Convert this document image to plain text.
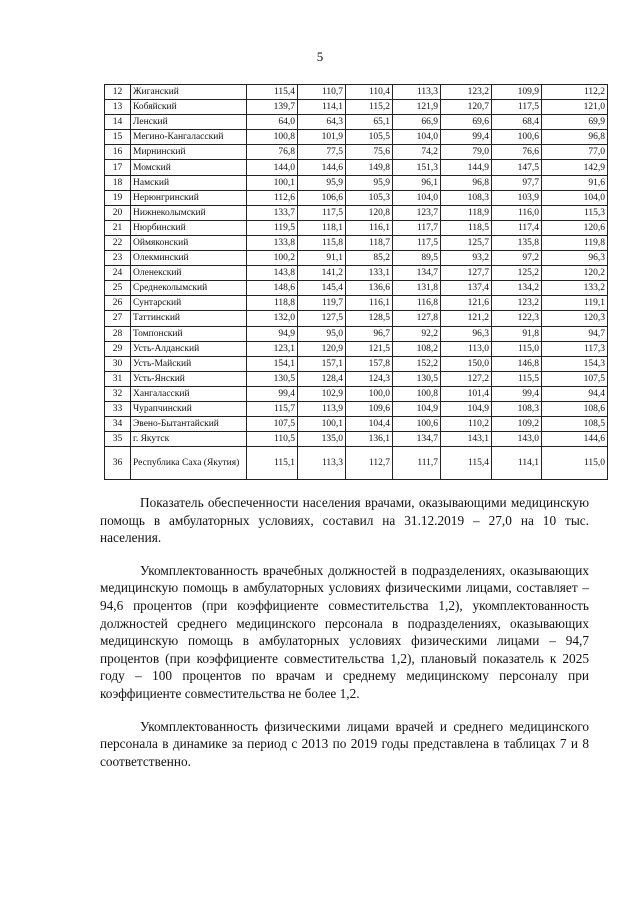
5
12	Жиганский	115,4	110,7	110,4	113,3	123,2	109,9	112,2
13	Кобяйский	139,7	114,1	115,2	121,9	120,7	117,5	121,0
14	Ленский	64,0	64,3	65,1	66,9	69,6	68,4	69,9
15	Мегино-Кангаласский	100,8	101,9	105,5	104,0	99,4	100,6	96,8
16	Мирнинский	76,8	77,5	75,6	74,2	79,0	76,6	77,0
17	Момский	144,0	144,6	149,8	151,3	144,9	147,5	142,9
18	Намский	100,1	95,9	95,9	96,1	96,8	97,7	91,6
19	Нерюнгринский	112,6	106,6	105,3	104,0	108,3	103,9	104,0
20	Нижнеколымский	133,7	117,5	120,8	123,7	118,9	116,0	115,3
21	Нюрбинский	119,5	118,1	116,1	117,7	118,5	117,4	120,6
22	Оймяконский	133,8	115,8	118,7	117,5	125,7	135,8	119,8
23	Олекминский	100,2	91,1	85,2	89,5	93,2	97,2	96,3
24	Оленекский	143,8	141,2	133,1	134,7	127,7	125,2	120,2
25	Среднеколымский	148,6	145,4	136,6	131,8	137,4	134,2	133,2
26	Сунтарский	118,8	119,7	116,1	116,8	121,6	123,2	119,1
27	Таттинский	132,0	127,5	128,5	127,8	121,2	122,3	120,3
28	Томпонский	94,9	95,0	96,7	92,2	96,3	91,8	94,7
29	Усть-Алданский	123,1	120,9	121,5	108,2	113,0	115,0	117,3
30	Усть-Майский	154,1	157,1	157,8	152,2	150,0	146,8	154,3
31	Усть-Янский	130,5	128,4	124,3	130,5	127,2	115,5	107,5
32	Хангаласский	99,4	102,9	100,0	100,8	101,4	99,4	94,4
33	Чурапчинский	115,7	113,9	109,6	104,9	104,9	108,3	108,6
34	Эвено-Бытантайский	107,5	100,1	104,4	100,6	110,2	109,2	108,5
35	г. Якутск	110,5	135,0	136,1	134,7	143,1	143,0	144,6
36	Республика Саха (Якутия)	115,1	113,3	112,7	111,7	115,4	114,1	115,0

Показатель обеспеченности населения врачами, оказывающими медицинскую помощь в амбулаторных условиях, составил на 31.12.2019 – 27,0 на 10 тыс. населения.

Укомплектованность врачебных должностей в подразделениях, оказывающих медицинскую помощь в амбулаторных условиях физическими лицами, составляет – 94,6 процентов (при коэффициенте совместительства 1,2), укомплектованность должностей среднего медицинского персонала в подразделениях, оказывающих медицинскую помощь в амбулаторных условиях физическими лицами – 94,7 процентов (при коэффициенте совместительства 1,2), плановый показатель к 2025 году – 100 процентов по врачам и среднему медицинскому персоналу при коэффициенте совместительства не более 1,2.

Укомплектованность физическими лицами врачей и среднего медицинского персонала в динамике за период с 2013 по 2019 годы представлена в таблицах 7 и 8 соответственно.
